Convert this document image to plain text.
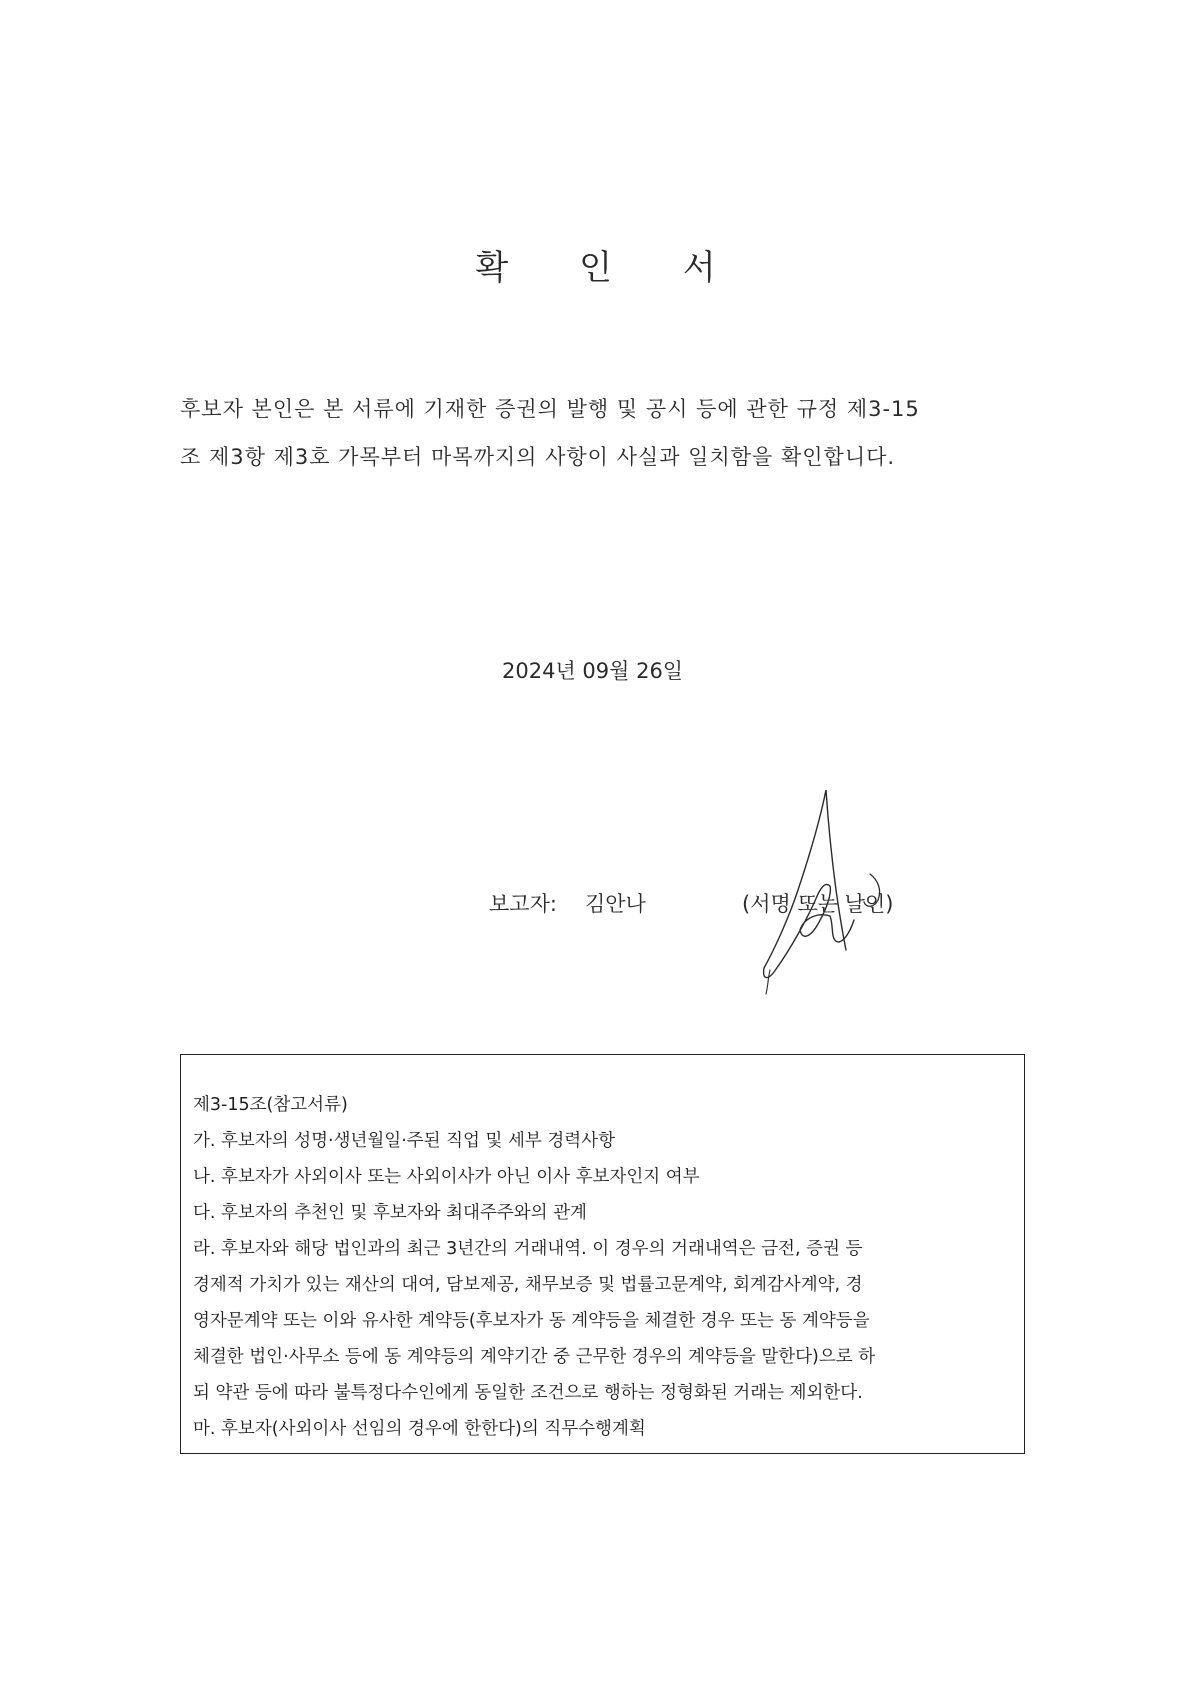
확 인 서
후보자 본인은 본 서류에 기재한 증권의 발행 및 공시 등에 관한 규정 제3-15
조 제3항 제3호 가목부터 마목까지의 사항이 사실과 일치함을 확인합니다.
2024년 09월 26일
보고자: 김안나	(서명 또는 날인)
제3-15조(참고서류)
가. 후보자의 성명·생년월일·주된 직업 및 세부 경력사항
나. 후보자가 사외이사 또는 사외이사가 아닌 이사 후보자인지 여부
다. 후보자의 추천인 및 후보자와 최대주주와의 관계
라. 후보자와 해당 법인과의 최근 3년간의 거래내역. 이 경우의 거래내역은 금전, 증권 등
경제적 가치가 있는 재산의 대여, 담보제공, 채무보증 및 법률고문계약, 회계감사계약, 경
영자문계약 또는 이와 유사한 계약등(후보자가 동 계약등을 체결한 경우 또는 동 계약등을
체결한 법인·사무소 등에 동 계약등의 계약기간 중 근무한 경우의 계약등을 말한다)으로 하
되 약관 등에 따라 불특정다수인에게 동일한 조건으로 행하는 정형화된 거래는 제외한다.
마. 후보자(사외이사 선임의 경우에 한한다)의 직무수행계획
